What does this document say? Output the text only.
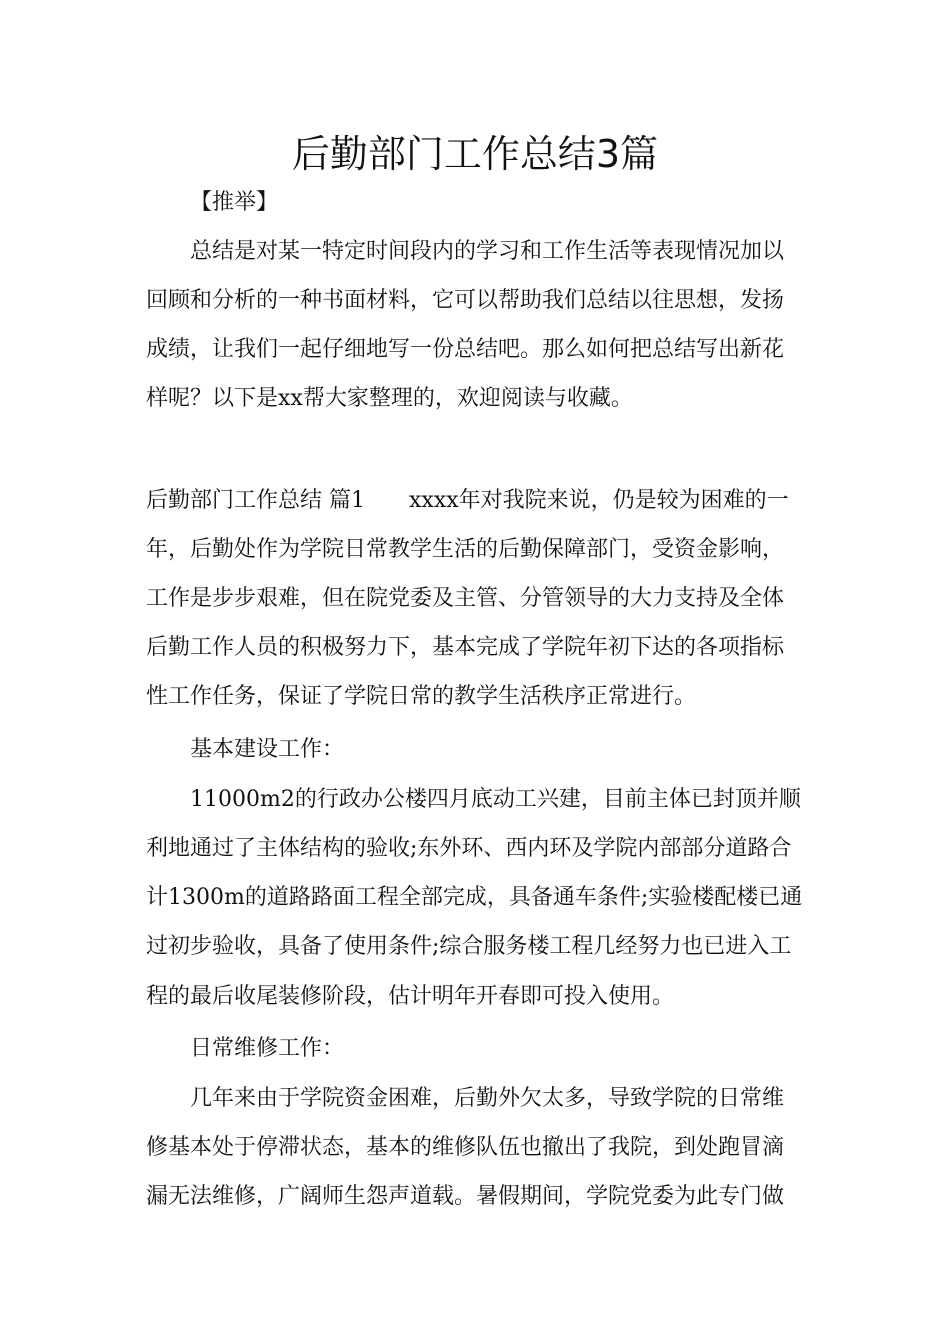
后勤部门工作总结3篇
【推举】
总结是对某一特定时间段内的学习和工作生活等表现情况加以
回顾和分析的一种书面材料，它可以帮助我们总结以往思想，发扬
成绩，让我们一起仔细地写一份总结吧。那么如何把总结写出新花
样呢？以下是xx帮大家整理的，欢迎阅读与收藏。
后勤部门工作总结 篇1 xxxx年对我院来说，仍是较为困难的一
年，后勤处作为学院日常教学生活的后勤保障部门，受资金影响，
工作是步步艰难，但在院党委及主管、分管领导的大力支持及全体
后勤工作人员的积极努力下，基本完成了学院年初下达的各项指标
性工作任务，保证了学院日常的教学生活秩序正常进行。
基本建设工作：
11000m2的行政办公楼四月底动工兴建，目前主体已封顶并顺
利地通过了主体结构的验收;东外环、西内环及学院内部部分道路合
计1300m的道路路面工程全部完成，具备通车条件;实验楼配楼已通
过初步验收，具备了使用条件;综合服务楼工程几经努力也已进入工
程的最后收尾装修阶段，估计明年开春即可投入使用。
日常维修工作：
几年来由于学院资金困难，后勤外欠太多，导致学院的日常维
修基本处于停滞状态，基本的维修队伍也撤出了我院，到处跑冒滴
漏无法维修，广阔师生怨声道载。暑假期间，学院党委为此专门做
